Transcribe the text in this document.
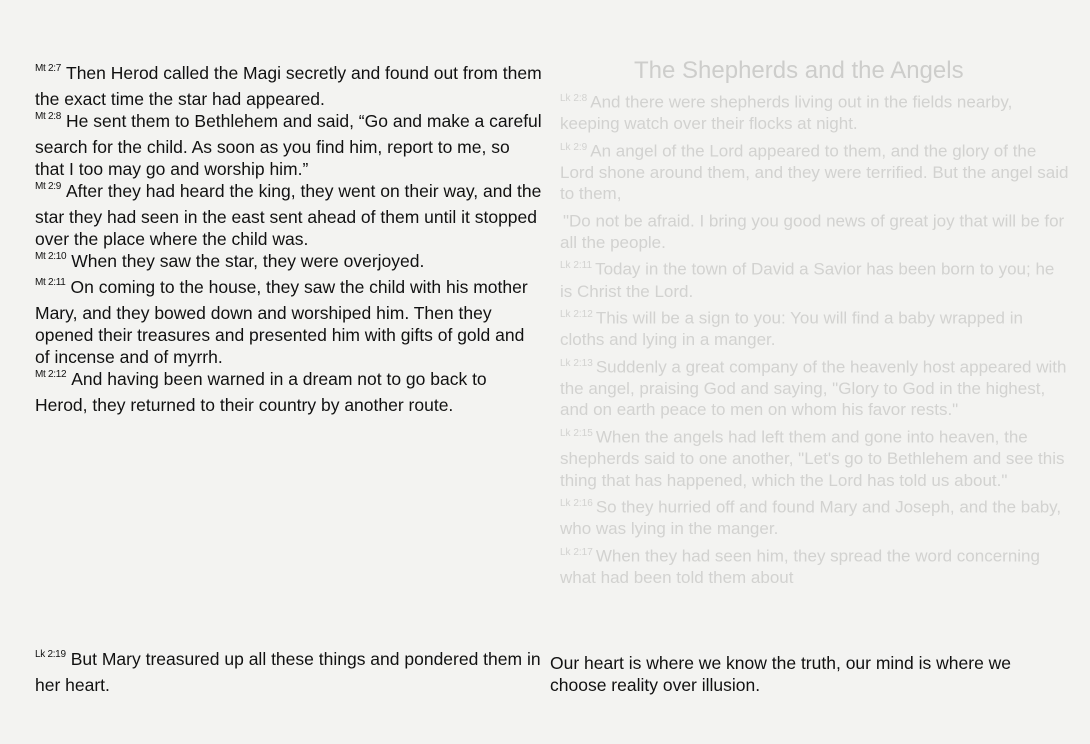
The Shepherds and the Angels

$^{Lk 2:8}$ And there were shepherds living out in the fields nearby, keeping watch over their flocks at night.

$^{Lk 2:9}$ An angel of the Lord appeared to them, and the glory of the Lord shone around them, and they were terrified. But the angel said to them,

"Do not be afraid. I bring you good news of great joy that will be for all the people.

$^{Lk 2:11}$ Today in the town of David a Savior has been born to you; he is Christ the Lord.

$^{Lk 2:12}$ This will be a sign to you: You will find a baby wrapped in cloths and lying in a manger.

$^{Lk 2:13}$ Suddenly a great company of the heavenly host appeared with the angel, praising God and saying, "Glory to God in the highest, and on earth peace to men on whom his favor rests."

$^{Lk 2:15}$ When the angels had left them and gone into heaven, the shepherds said to one another, "Let's go to Bethlehem and see this thing that has happened, which the Lord has told us about."

$^{Lk 2:16}$ So they hurried off and found Mary and Joseph, and the baby, who was lying in the manger.

$^{Lk 2:17}$ When they had seen him, they spread the word concerning what had been told them about

$^{Mt 2:7}$ Then Herod called the Magi secretly and found out from them the exact time the star had appeared.

$^{Mt 2:8}$ He sent them to Bethlehem and said, “Go and make a careful search for the child. As soon as you find him, report to me, so that I too may go and worship him.”

$^{Mt 2:9}$ After they had heard the king, they went on their way, and the star they had seen in the east sent ahead of them until it stopped over the place where the child was.

$^{Mt 2:10}$ When they saw the star, they were overjoyed.

$^{Mt 2:11}$ On coming to the house, they saw the child with his mother Mary, and they bowed down and worshiped him. Then they opened their treasures and presented him with gifts of gold and of incense and of myrrh.

$^{Mt 2:12}$ And having been warned in a dream not to go back to Herod, they returned to their country by another route.

$^{Lk 2:19}$ But Mary treasured up all these things and pondered them in her heart.

Our heart is where we know the truth, our mind is where we choose reality over illusion.
